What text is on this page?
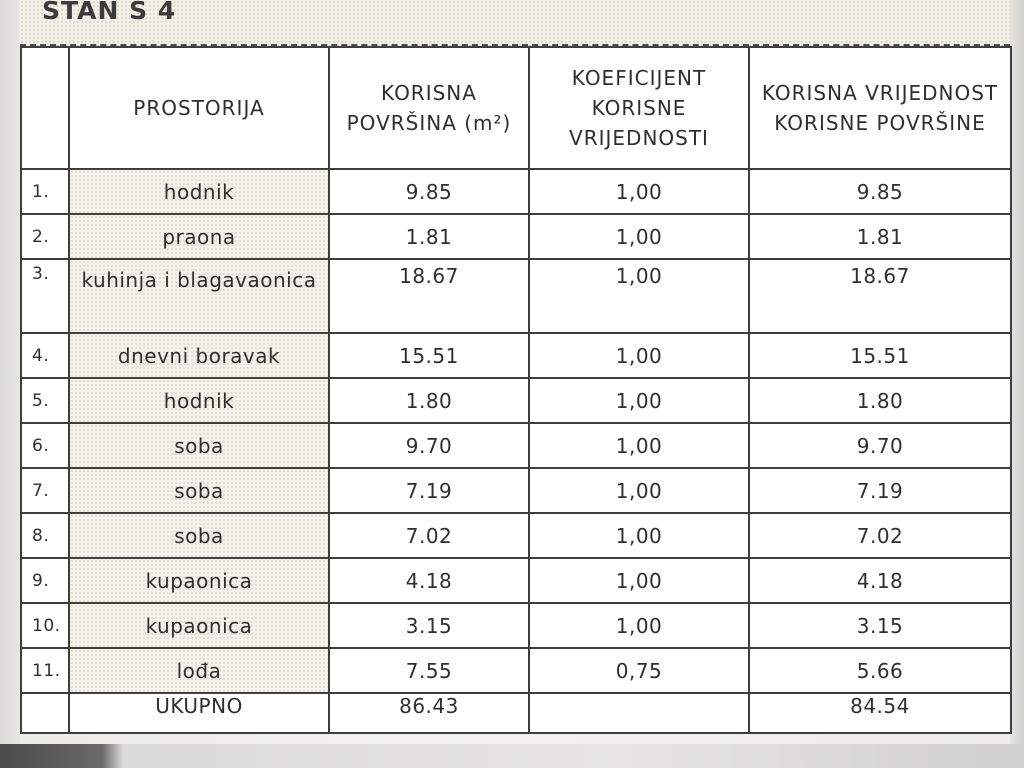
STAN S 4
	PROSTORIJA	KORISNA POVRŠINA (m²)	KOEFICIJENT KORISNE VRIJEDNOSTI	KORISNA VRIJEDNOST KORISNE POVRŠINE
1.	hodnik	9.85	1,00	9.85
2.	praona	1.81	1,00	1.81
3.	kuhinja i blagavaonica	18.67	1,00	18.67
4.	dnevni boravak	15.51	1,00	15.51
5.	hodnik	1.80	1,00	1.80
6.	soba	9.70	1,00	9.70
7.	soba	7.19	1,00	7.19
8.	soba	7.02	1,00	7.02
9.	kupaonica	4.18	1,00	4.18
10.	kupaonica	3.15	1,00	3.15
11.	lođa	7.55	0,75	5.66
	UKUPNO	86.43		84.54
